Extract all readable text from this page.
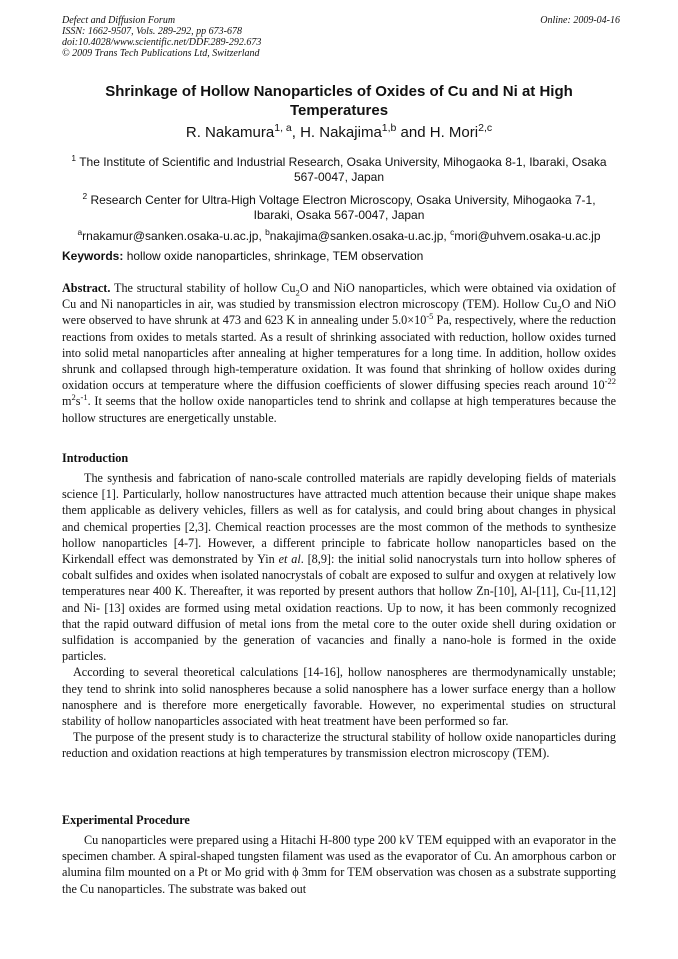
Defect and Diffusion Forum
ISSN: 1662-9507, Vols. 289-292, pp 673-678
doi:10.4028/www.scientific.net/DDF.289-292.673
© 2009 Trans Tech Publications Ltd, Switzerland
Online: 2009-04-16
Shrinkage of Hollow Nanoparticles of Oxides of Cu and Ni at High Temperatures
R. Nakamura$^{1, a}$, H. Nakajima$^{1,b}$ and H. Mori$^{2,c}$
$^1$ The Institute of Scientific and Industrial Research, Osaka University, Mihogaoka 8-1, Ibaraki, Osaka 567-0047, Japan
$^2$ Research Center for Ultra-High Voltage Electron Microscopy, Osaka University, Mihogaoka 7-1, Ibaraki, Osaka 567-0047, Japan
$^a$rnakamur@sanken.osaka-u.ac.jp, $^b$nakajima@sanken.osaka-u.ac.jp, $^c$mori@uhvem.osaka-u.ac.jp
Keywords: hollow oxide nanoparticles, shrinkage, TEM observation
Abstract. The structural stability of hollow $Cu_2O$ and NiO nanoparticles, which were obtained via oxidation of Cu and Ni nanoparticles in air, was studied by transmission electron microscopy (TEM). Hollow $Cu_2O$ and NiO were observed to have shrunk at 473 and 623 K in annealing under $5.0\times 10^{-5}$ Pa, respectively, where the reduction reactions from oxides to metals started. As a result of shrinking associated with reduction, hollow oxides turned into solid metal nanoparticles after annealing at higher temperatures for a long time. In addition, hollow oxides shrunk and collapsed through high-temperature oxidation. It was found that shrinking of hollow oxides during oxidation occurs at temperature where the diffusion coefficients of slower diffusing species reach around $10^{-22}$ $m^2s^{-1}$. It seems that the hollow oxide nanoparticles tend to shrink and collapse at high temperatures because the hollow structures are energetically unstable.
Introduction

The synthesis and fabrication of nano-scale controlled materials are rapidly developing fields of materials science [1]. Particularly, hollow nanostructures have attracted much attention because their unique shape makes them applicable as delivery vehicles, fillers as well as for catalysis, and could bring about changes in physical and chemical properties [2,3]. Chemical reaction processes are the most common of the methods to synthesize hollow nanoparticles [4-7]. However, a different principle to fabricate hollow nanoparticles based on the Kirkendall effect was demonstrated by Yin et al. [8,9]: the initial solid nanocrystals turn into hollow spheres of cobalt sulfides and oxides when isolated nanocrystals of cobalt are exposed to sulfur and oxygen at relatively low temperatures near 400 K. Thereafter, it was reported by present authors that hollow Zn-[10], Al-[11], Cu-[11,12] and Ni- [13] oxides are formed using metal oxidation reactions. Up to now, it has been commonly recognized that the rapid outward diffusion of metal ions from the metal core to the outer oxide shell during oxidation or sulfidation is accompanied by the generation of vacancies and finally a nano-hole is formed in the oxide particles.

According to several theoretical calculations [14-16], hollow nanospheres are thermodynamically unstable; they tend to shrink into solid nanospheres because a solid nanosphere has a lower surface energy than a hollow nanosphere and is therefore more energetically favorable. However, no experimental studies on structural stability of hollow nanoparticles associated with heat treatment have been performed so far.

The purpose of the present study is to characterize the structural stability of hollow oxide nanoparticles during reduction and oxidation reactions at high temperatures by transmission electron microscopy (TEM).

Experimental Procedure

Cu nanoparticles were prepared using a Hitachi H-800 type 200 kV TEM equipped with an evaporator in the specimen chamber. A spiral-shaped tungsten filament was used as the evaporator of Cu. An amorphous carbon or alumina film mounted on a Pt or Mo grid with ϕ 3mm for TEM observation was chosen as a substrate supporting the Cu nanoparticles. The substrate was baked out
